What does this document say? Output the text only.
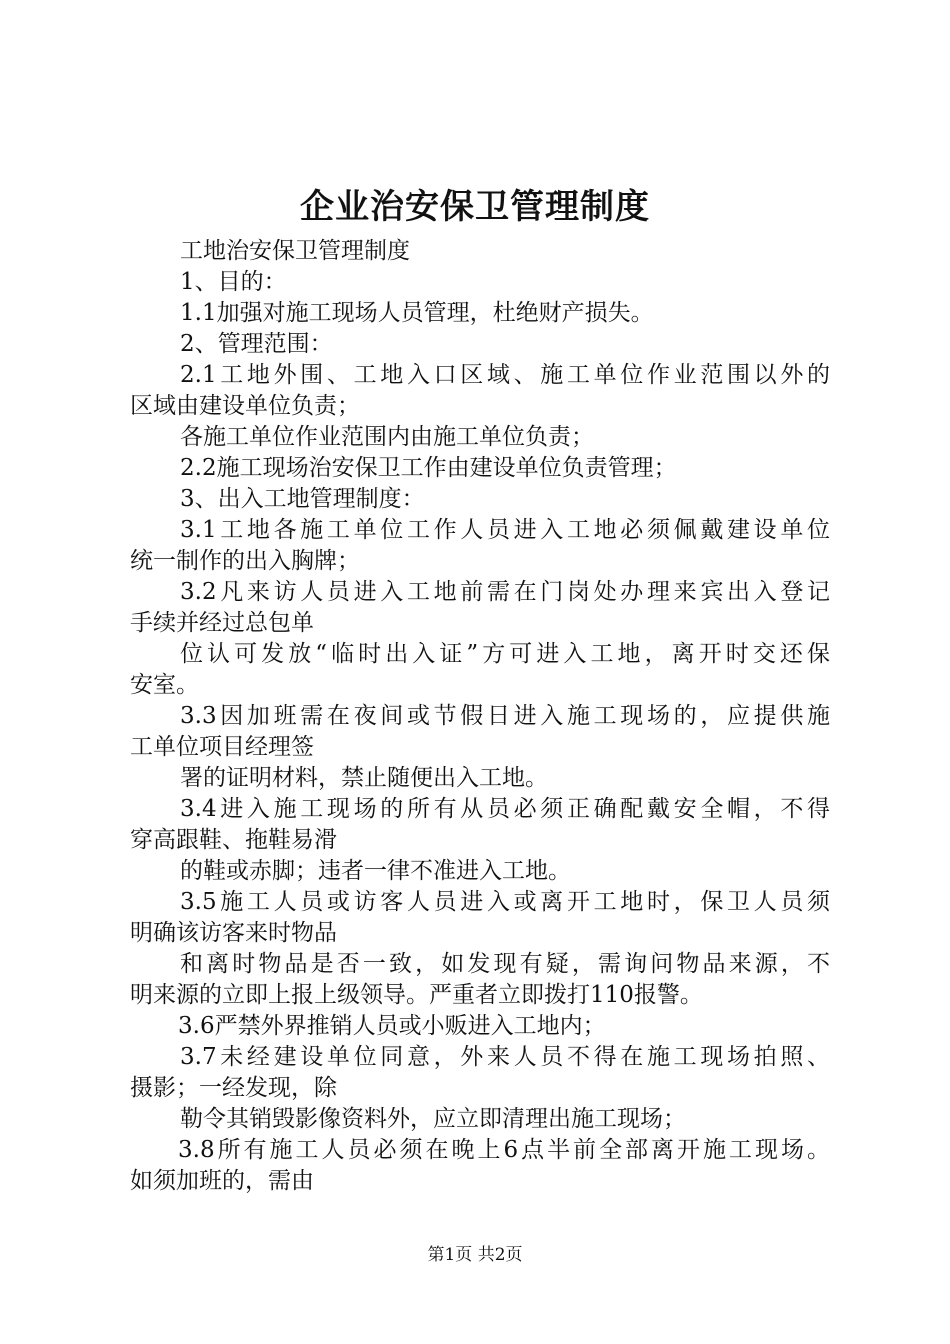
企业治安保卫管理制度
工地治安保卫管理制度
1、目的：
1.1加强对施工现场人员管理，杜绝财产损失。
2、管理范围：
2.1工地外围、工地入口区域、施工单位作业范围以外的
区域由建设单位负责；
各施工单位作业范围内由施工单位负责；
2.2施工现场治安保卫工作由建设单位负责管理；
3、出入工地管理制度：
3.1工地各施工单位工作人员进入工地必须佩戴建设单位
统一制作的出入胸牌；
3.2凡来访人员进入工地前需在门岗处办理来宾出入登记
手续并经过总包单
位认可发放“临时出入证”方可进入工地，离开时交还保
安室。
3.3因加班需在夜间或节假日进入施工现场的，应提供施
工单位项目经理签
署的证明材料，禁止随便出入工地。
3.4进入施工现场的所有从员必须正确配戴安全帽，不得
穿高跟鞋、拖鞋易滑
的鞋或赤脚；违者一律不准进入工地。
3.5施工人员或访客人员进入或离开工地时，保卫人员须
明确该访客来时物品
和离时物品是否一致，如发现有疑，需询问物品来源，不
明来源的立即上报上级领导。严重者立即拨打110报警。
3.6严禁外界推销人员或小贩进入工地内；
3.7未经建设单位同意，外来人员不得在施工现场拍照、
摄影；一经发现，除
勒令其销毁影像资料外，应立即清理出施工现场；
3.8所有施工人员必须在晚上6点半前全部离开施工现场。
如须加班的，需由
第1页 共2页
